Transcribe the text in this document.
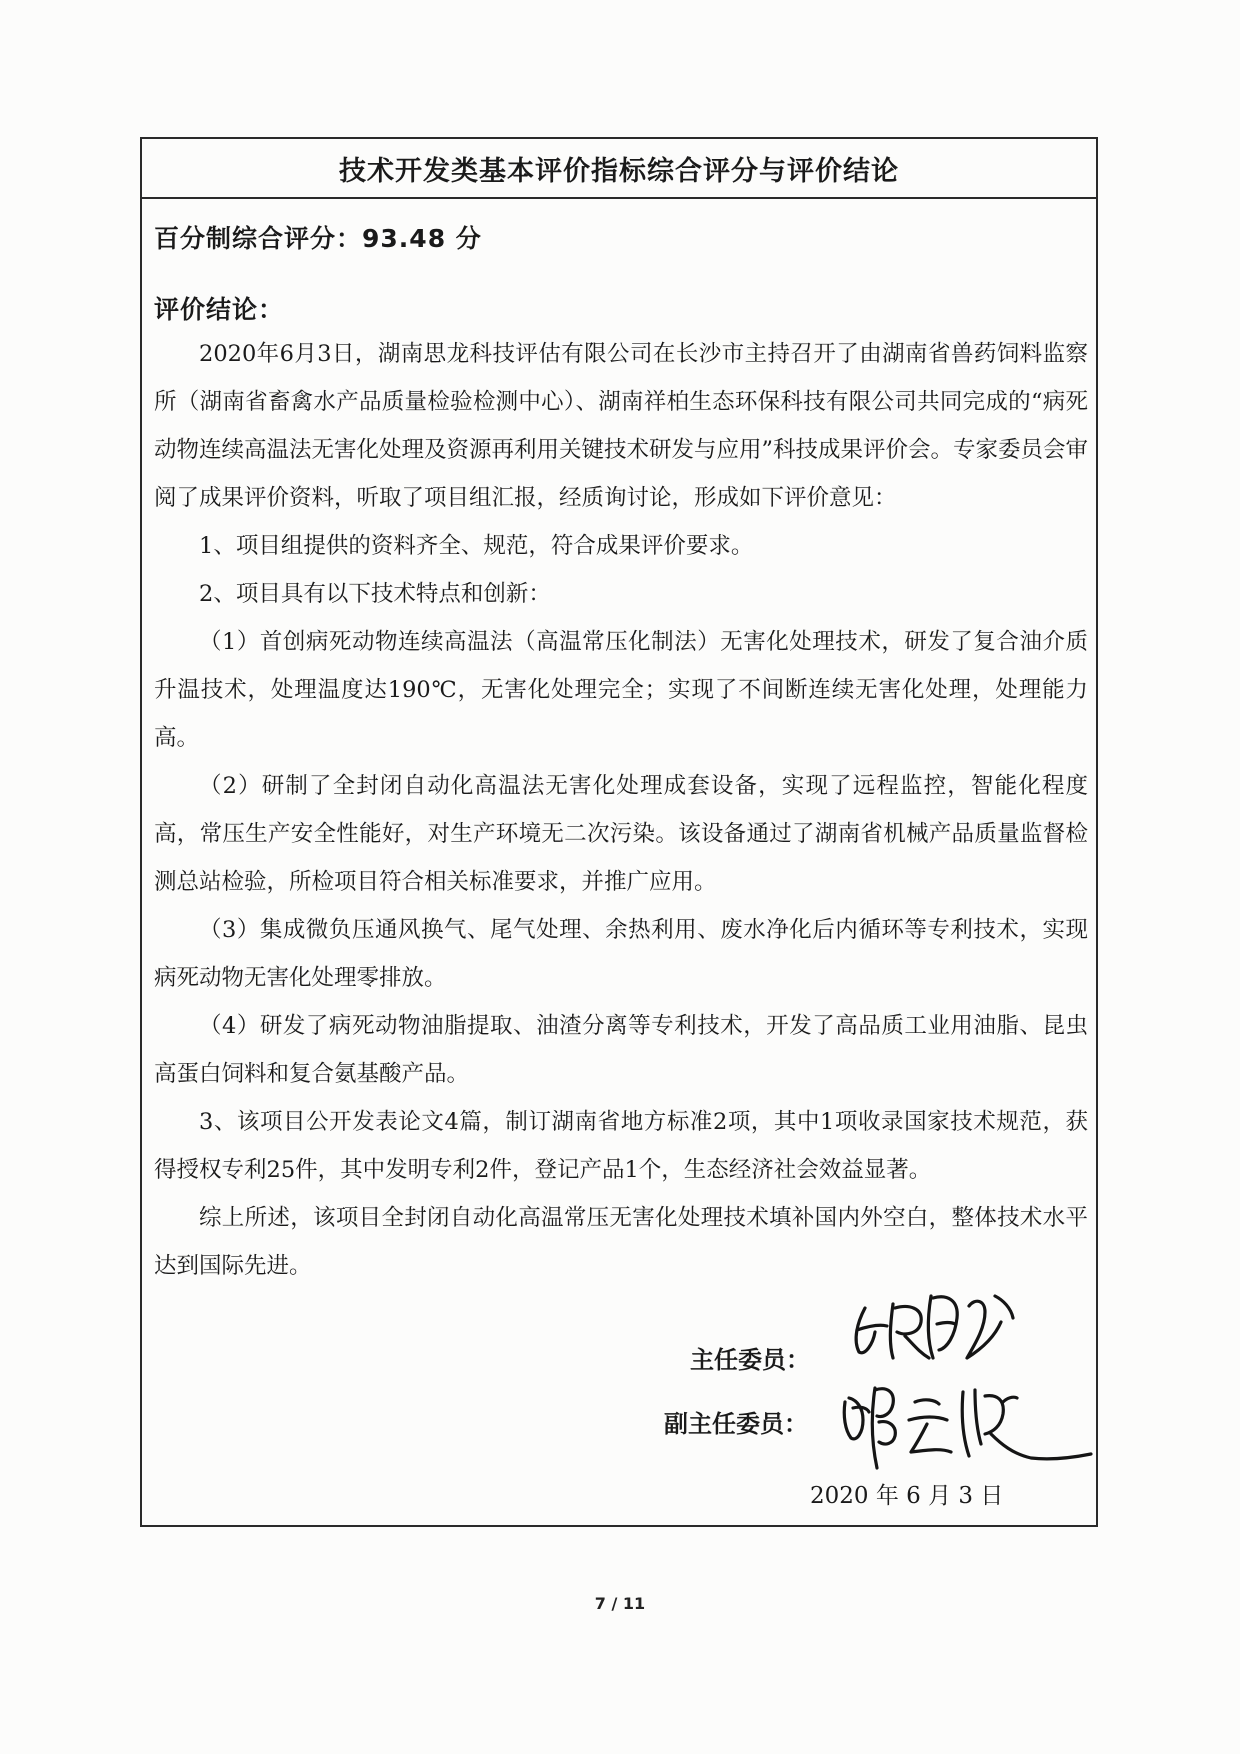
技术开发类基本评价指标综合评分与评价结论
百分制综合评分：93.48 分
评价结论：

2020年6月3日，湖南思龙科技评估有限公司在长沙市主持召开了由湖南省兽药饲料监察所（湖南省畜禽水产品质量检验检测中心）、湖南祥柏生态环保科技有限公司共同完成的“病死动物连续高温法无害化处理及资源再利用关键技术研发与应用”科技成果评价会。专家委员会审阅了成果评价资料，听取了项目组汇报，经质询讨论，形成如下评价意见：

1、项目组提供的资料齐全、规范，符合成果评价要求。

2、项目具有以下技术特点和创新：

（1）首创病死动物连续高温法（高温常压化制法）无害化处理技术，研发了复合油介质升温技术，处理温度达190℃，无害化处理完全；实现了不间断连续无害化处理，处理能力高。

（2）研制了全封闭自动化高温法无害化处理成套设备，实现了远程监控，智能化程度高，常压生产安全性能好，对生产环境无二次污染。该设备通过了湖南省机械产品质量监督检测总站检验，所检项目符合相关标准要求，并推广应用。

（3）集成微负压通风换气、尾气处理、余热利用、废水净化后内循环等专利技术，实现病死动物无害化处理零排放。

（4）研发了病死动物油脂提取、油渣分离等专利技术，开发了高品质工业用油脂、昆虫高蛋白饲料和复合氨基酸产品。

3、该项目公开发表论文4篇，制订湖南省地方标准2项，其中1项收录国家技术规范，获得授权专利25件，其中发明专利2件，登记产品1个，生态经济社会效益显著。

综上所述，该项目全封闭自动化高温常压无害化处理技术填补国内外空白，整体技术水平达到国际先进。

主任委员：
副主任委员：
2020 年 6 月 3 日
7 / 11
